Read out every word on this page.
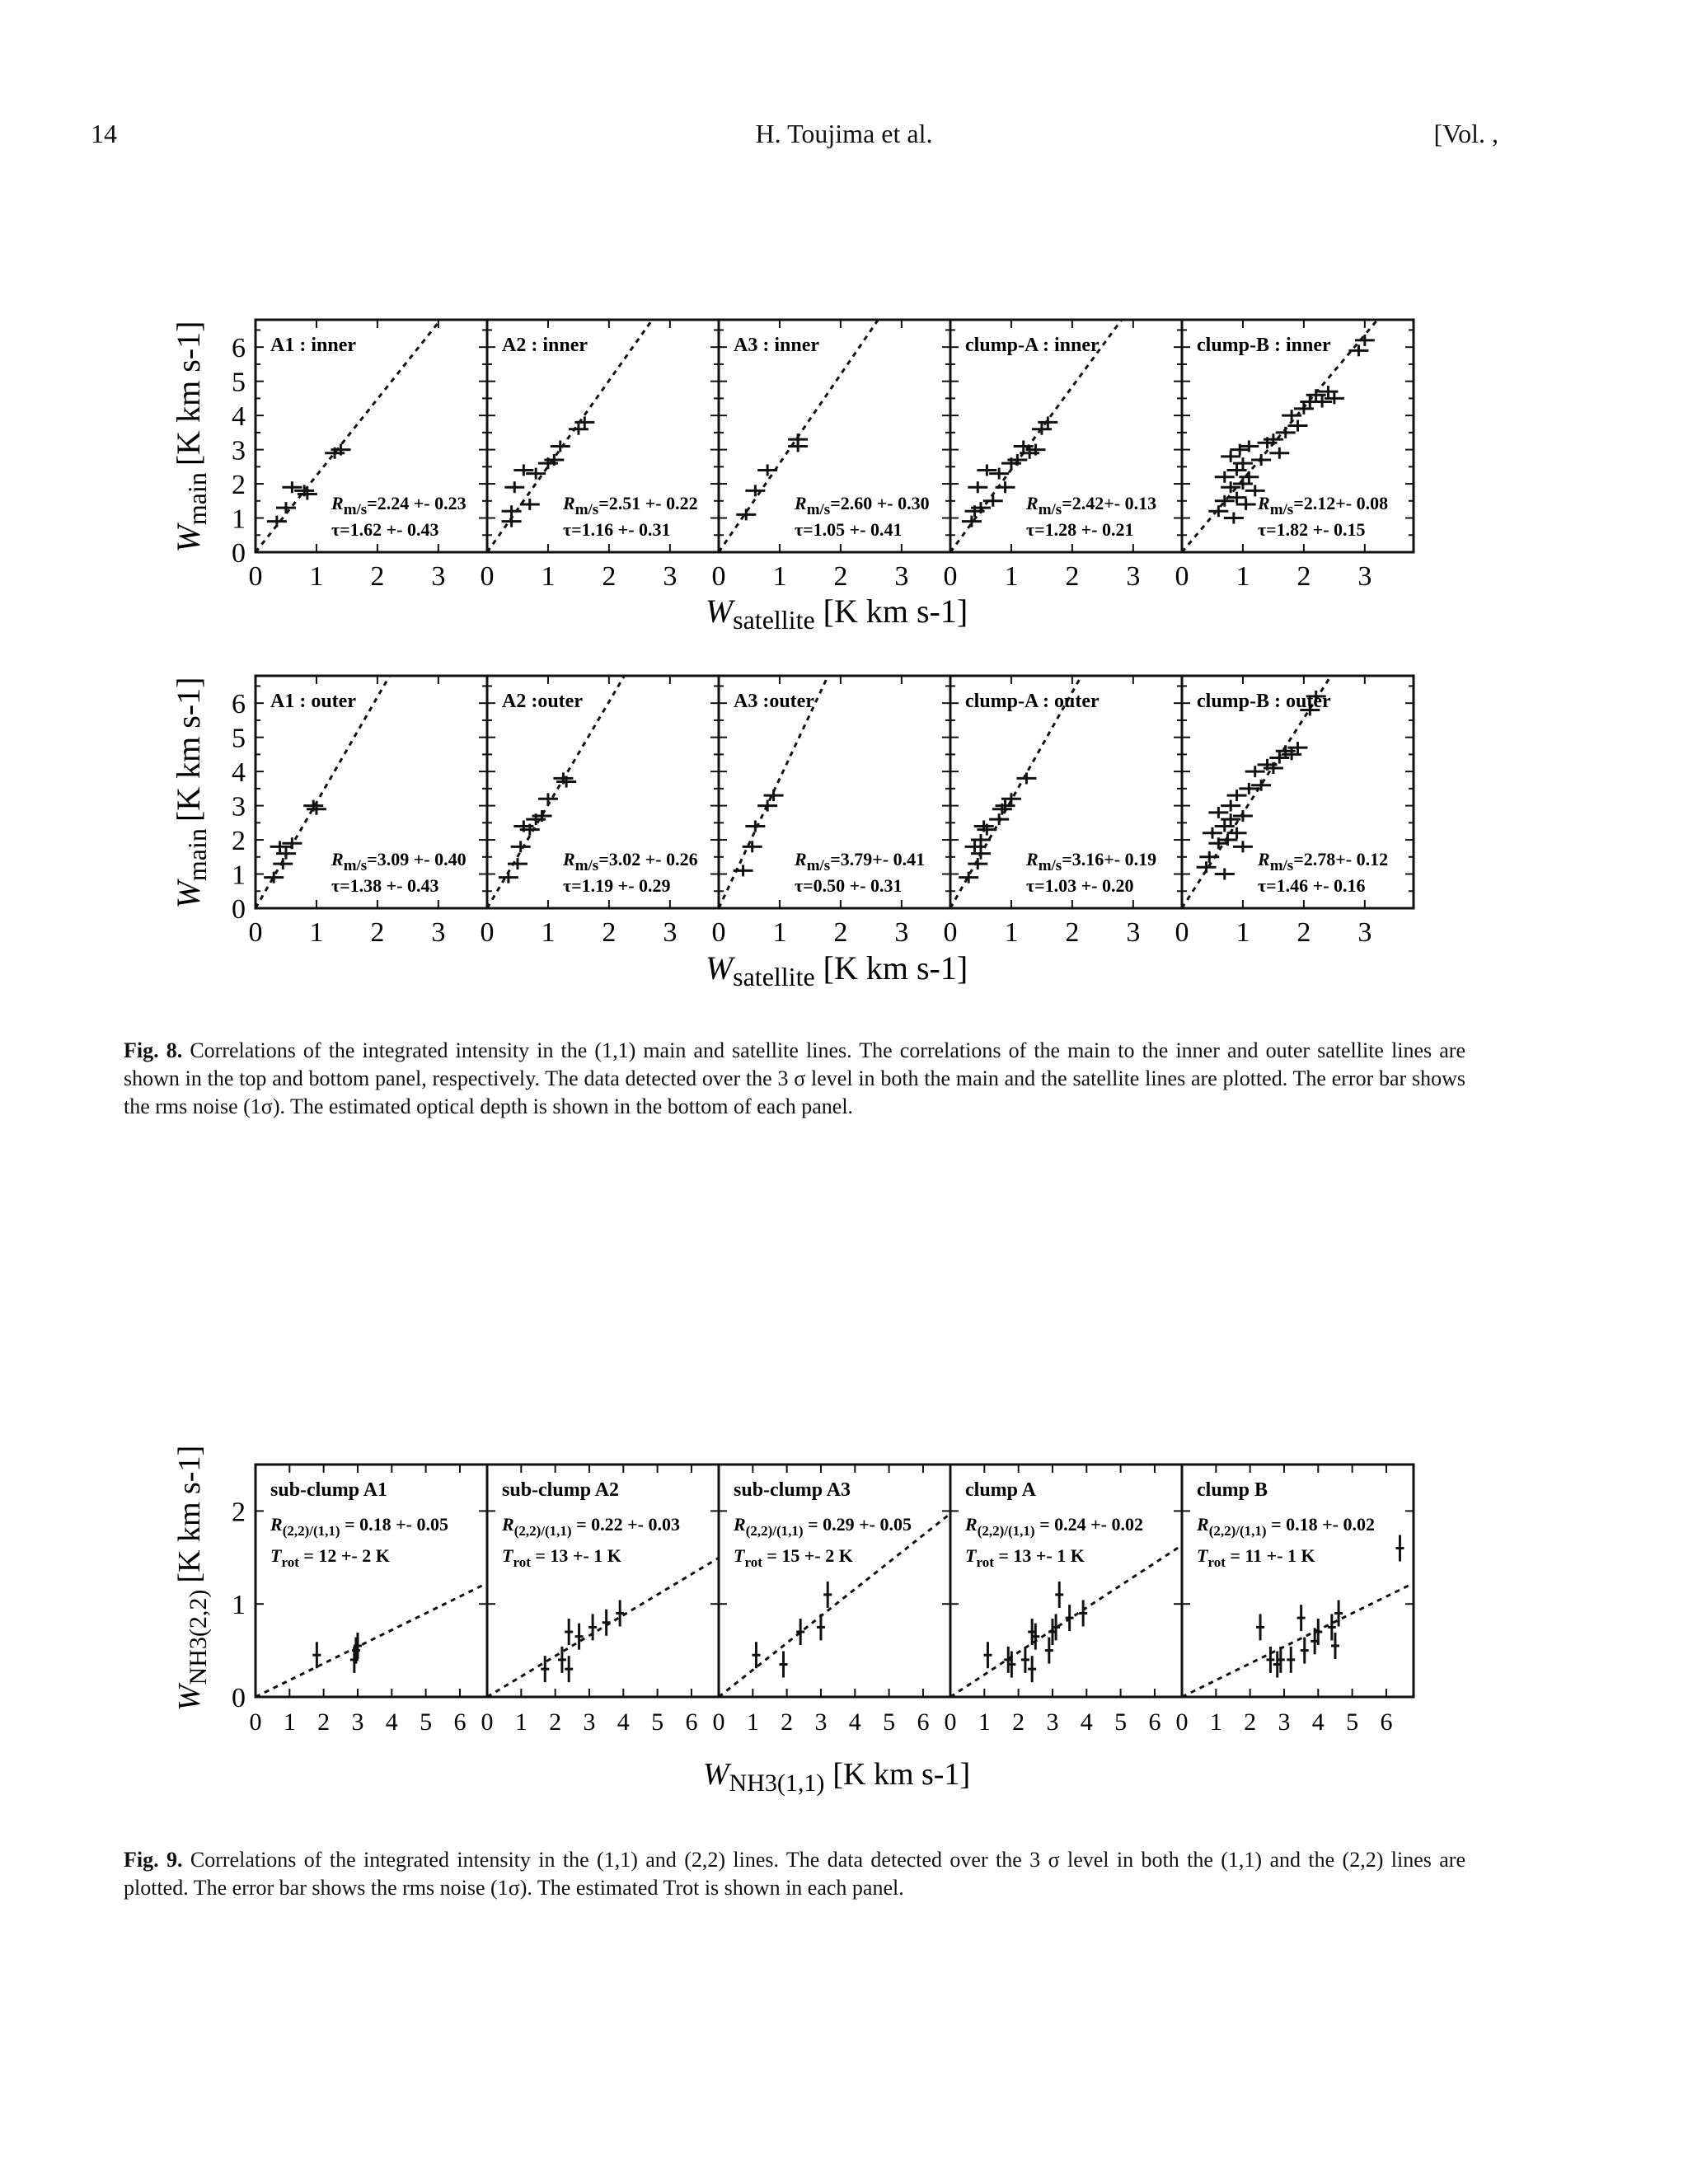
14	H. Toujima et al.	[Vol. ,
0
1
2
3
4
5
6
0 1 2 3
A1 : inner
Rm/s=2.24 +- 0.23
τ=1.62 +- 0.43
0 1 2 3
A2 : inner
Rm/s=2.51 +- 0.22
τ=1.16 +- 0.31
0 1 2 3
A3 : inner
Rm/s=2.60 +- 0.30
τ=1.05 +- 0.41
0 1 2 3
clump-A : inner
Rm/s=2.42+- 0.13
τ=1.28 +- 0.21
0 1 2 3
clump-B : inner
Rm/s=2.12+- 0.08
τ=1.82 +- 0.15
0
1
2
3
4
5
6
0 1 2 3
A1 : outer
Rm/s=3.09 +- 0.40
τ=1.38 +- 0.43
0 1 2 3
A2 :outer
Rm/s=3.02 +- 0.26
τ=1.19 +- 0.29
0 1 2 3
A3 :outer
Rm/s=3.79+- 0.41
τ=0.50 +- 0.31
0 1 2 3
clump-A : outer
Rm/s=3.16+- 0.19
τ=1.03 +- 0.20
0 1 2 3
clump-B : outer
Rm/s=2.78+- 0.12
τ=1.46 +- 0.16
$W_{main}[K$ km s-1]
$W_{main}[K$ km s-1]
$W_{satellite}$ [K km s-1]
$W_{satellite}$ [K km s-1]
Fig. 8. Correlations of the integrated intensity in the (1,1) main and satellite lines. The correlations of the main to the inner and outer satellite lines are shown in the top and bottom panel, respectively. The data detected over the 3 σ level in both the main and the satellite lines are plotted. The error bar shows the rms noise (1σ). The estimated optical depth is shown in the bottom of each panel.
0
1
2
0 1 2 3 4 5 6
sub-clump A1
$R_{(2,2)/(1,1)} = 0.18 +- 0.05$
$T_{rot} = 12 +- 2$ K
0 1 2 3 4 5 6
sub-clump A2
$R_{(2,2)/(1,1)} = 0.22 +- 0.03$
$T_{rot} = 13 +- 1$ K
0 1 2 3 4 5 6
sub-clump A3
$R_{(2,2)/(1,1)} = 0.29 +- 0.05$
$T_{rot} = 15 +- 2$ K
0 1 2 3 4 5 6
clump A
$R_{(2,2)/(1,1)} = 0.24 +- 0.02$
$T_{rot} = 13 +- 1$ K
0 1 2 3 4 5 6
clump B
$R_{(2,2)/(1,1)} = 0.18 +- 0.02$
$T_{rot} = 11 +- 1$ K
$W_{NH3(2,2)}[K$ km s-1]
$W_{NH3(1,1)}$ [K km s-1]
Fig. 9. Correlations of the integrated intensity in the (1,1) and (2,2) lines. The data detected over the 3 σ level in both the (1,1) and the (2,2) lines are plotted. The error bar shows the rms noise (1σ). The estimated Trot is shown in each panel.
